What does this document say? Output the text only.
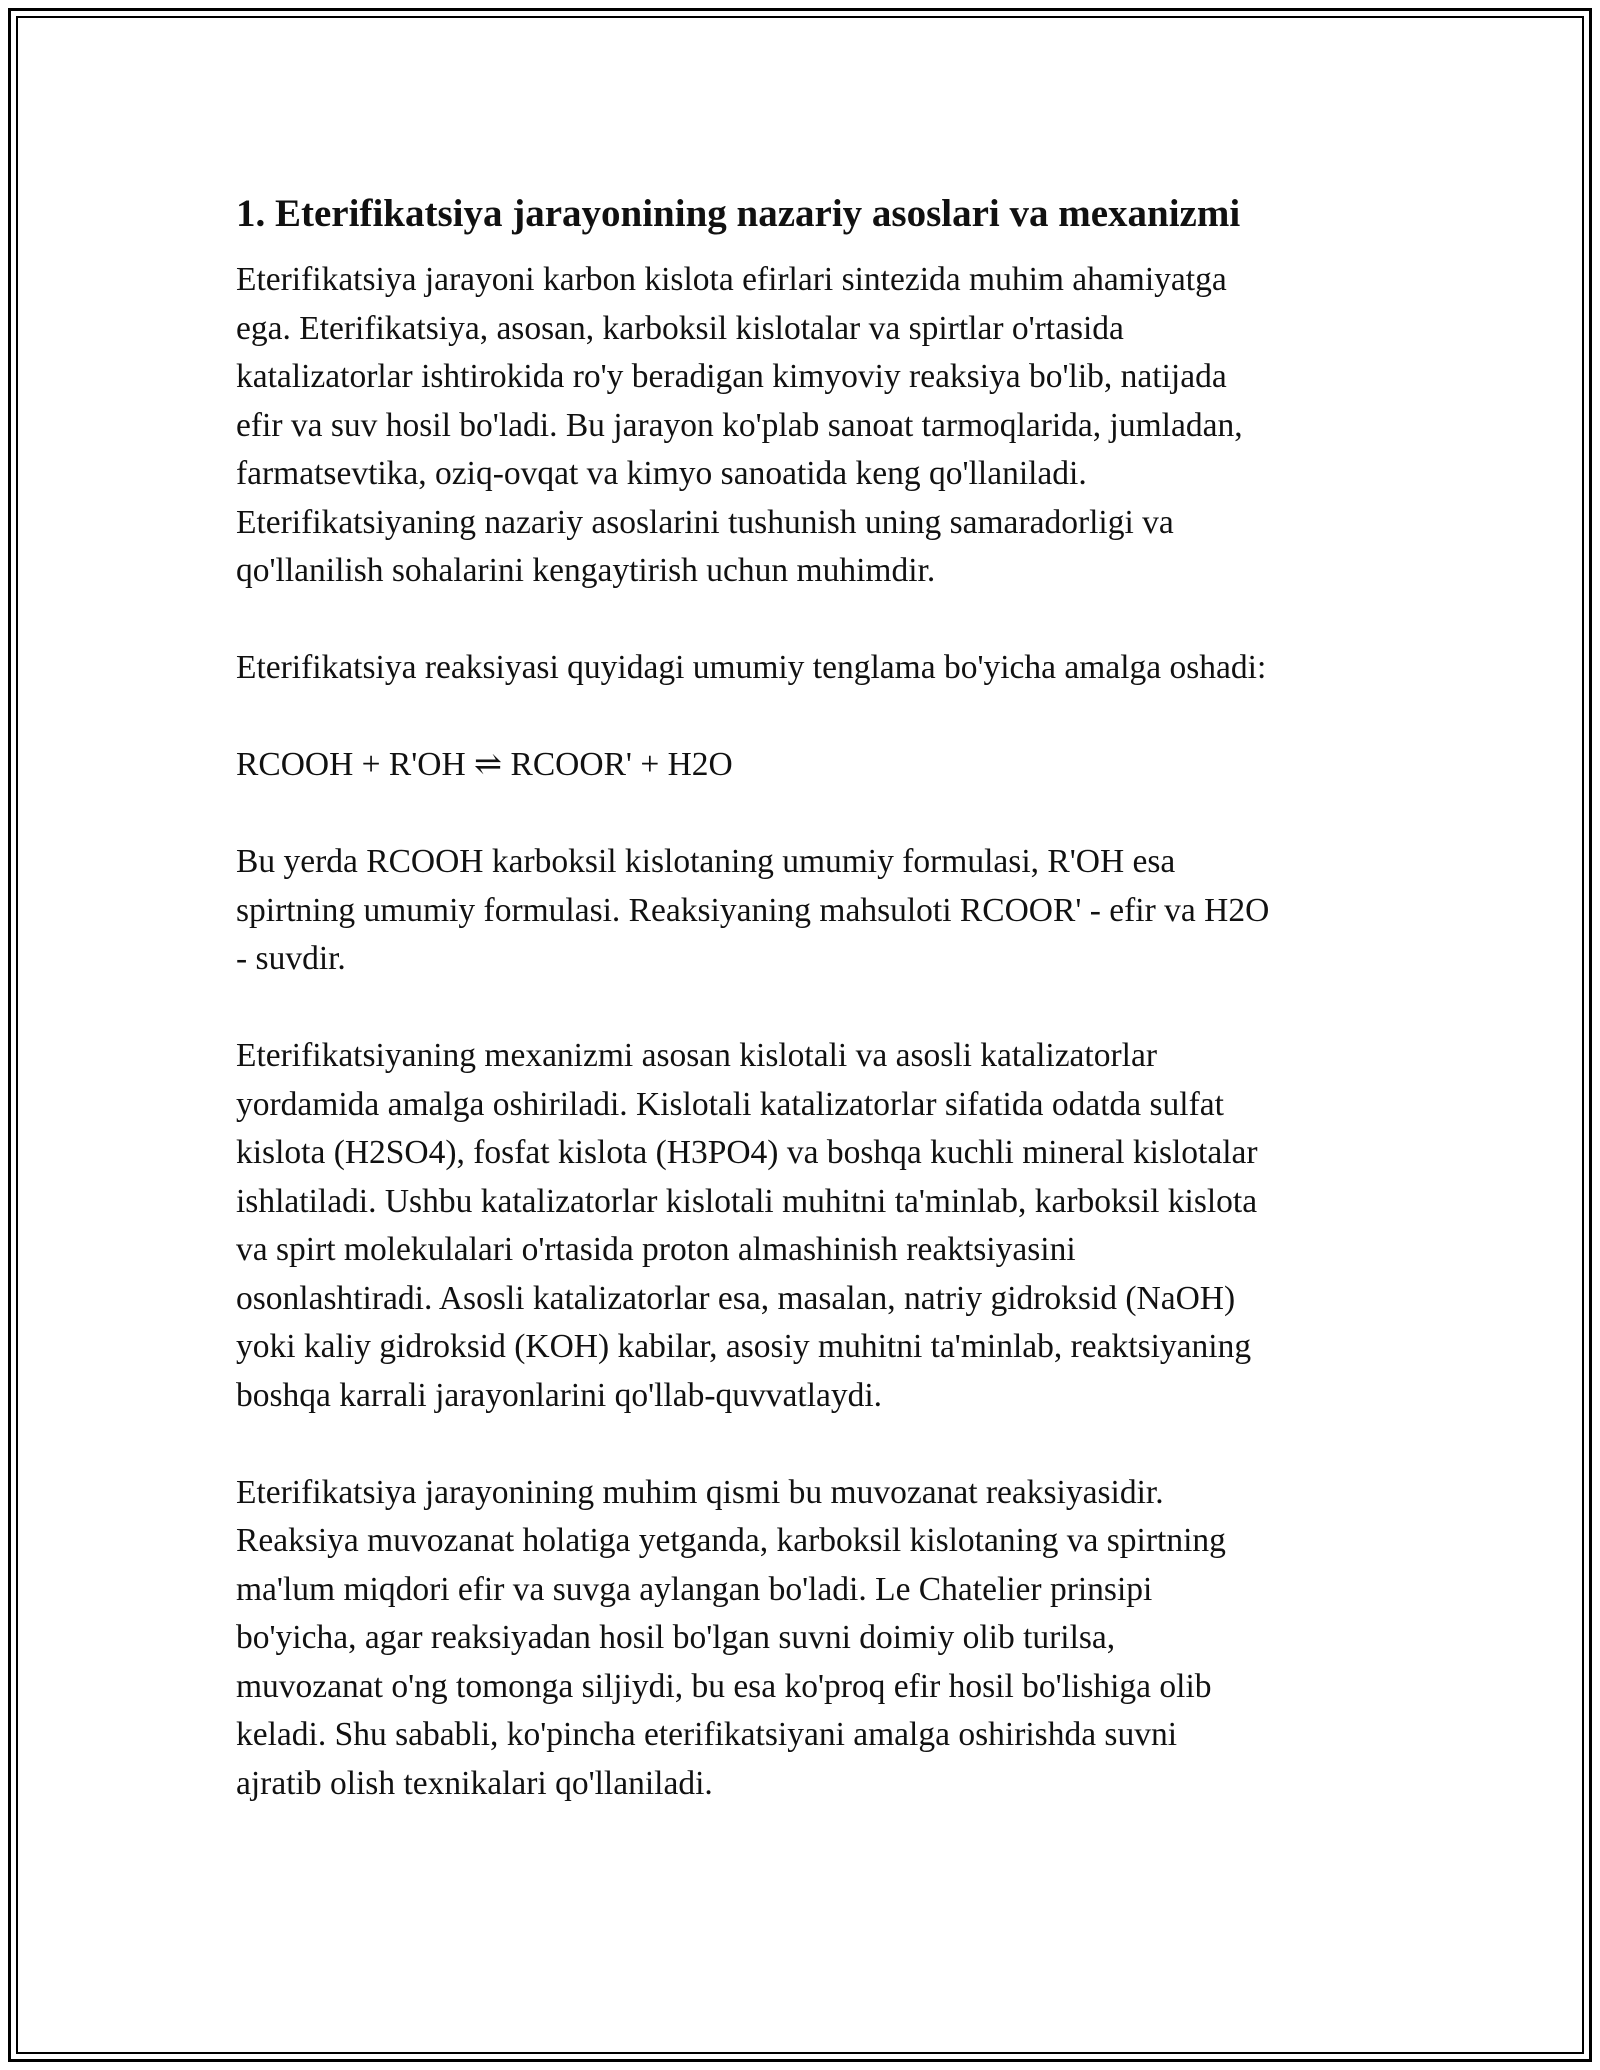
1. Eterifikatsiya jarayonining nazariy asoslari va mexanizmi

Eterifikatsiya jarayoni karbon kislota efirlari sintezida muhim ahamiyatga
ega. Eterifikatsiya, asosan, karboksil kislotalar va spirtlar o'rtasida
katalizatorlar ishtirokida ro'y beradigan kimyoviy reaksiya bo'lib, natijada
efir va suv hosil bo'ladi. Bu jarayon ko'plab sanoat tarmoqlarida, jumladan,
farmatsevtika, oziq-ovqat va kimyo sanoatida keng qo'llaniladi.
Eterifikatsiyaning nazariy asoslarini tushunish uning samaradorligi va
qo'llanilish sohalarini kengaytirish uchun muhimdir.

Eterifikatsiya reaksiyasi quyidagi umumiy tenglama bo'yicha amalga oshadi:

RCOOH + R'OH ⇌ RCOOR' + H2O

Bu yerda RCOOH karboksil kislotaning umumiy formulasi, R'OH esa
spirtning umumiy formulasi. Reaksiyaning mahsuloti RCOOR' - efir va H2O
- suvdir.

Eterifikatsiyaning mexanizmi asosan kislotali va asosli katalizatorlar
yordamida amalga oshiriladi. Kislotali katalizatorlar sifatida odatda sulfat
kislota (H2SO4), fosfat kislota (H3PO4) va boshqa kuchli mineral kislotalar
ishlatiladi. Ushbu katalizatorlar kislotali muhitni ta'minlab, karboksil kislota
va spirt molekulalari o'rtasida proton almashinish reaktsiyasini
osonlashtiradi. Asosli katalizatorlar esa, masalan, natriy gidroksid (NaOH)
yoki kaliy gidroksid (KOH) kabilar, asosiy muhitni ta'minlab, reaktsiyaning
boshqa karrali jarayonlarini qo'llab-quvvatlaydi.

Eterifikatsiya jarayonining muhim qismi bu muvozanat reaksiyasidir.
Reaksiya muvozanat holatiga yetganda, karboksil kislotaning va spirtning
ma'lum miqdori efir va suvga aylangan bo'ladi. Le Chatelier prinsipi
bo'yicha, agar reaksiyadan hosil bo'lgan suvni doimiy olib turilsa,
muvozanat o'ng tomonga siljiydi, bu esa ko'proq efir hosil bo'lishiga olib
keladi. Shu sababli, ko'pincha eterifikatsiyani amalga oshirishda suvni
ajratib olish texnikalari qo'llaniladi.
